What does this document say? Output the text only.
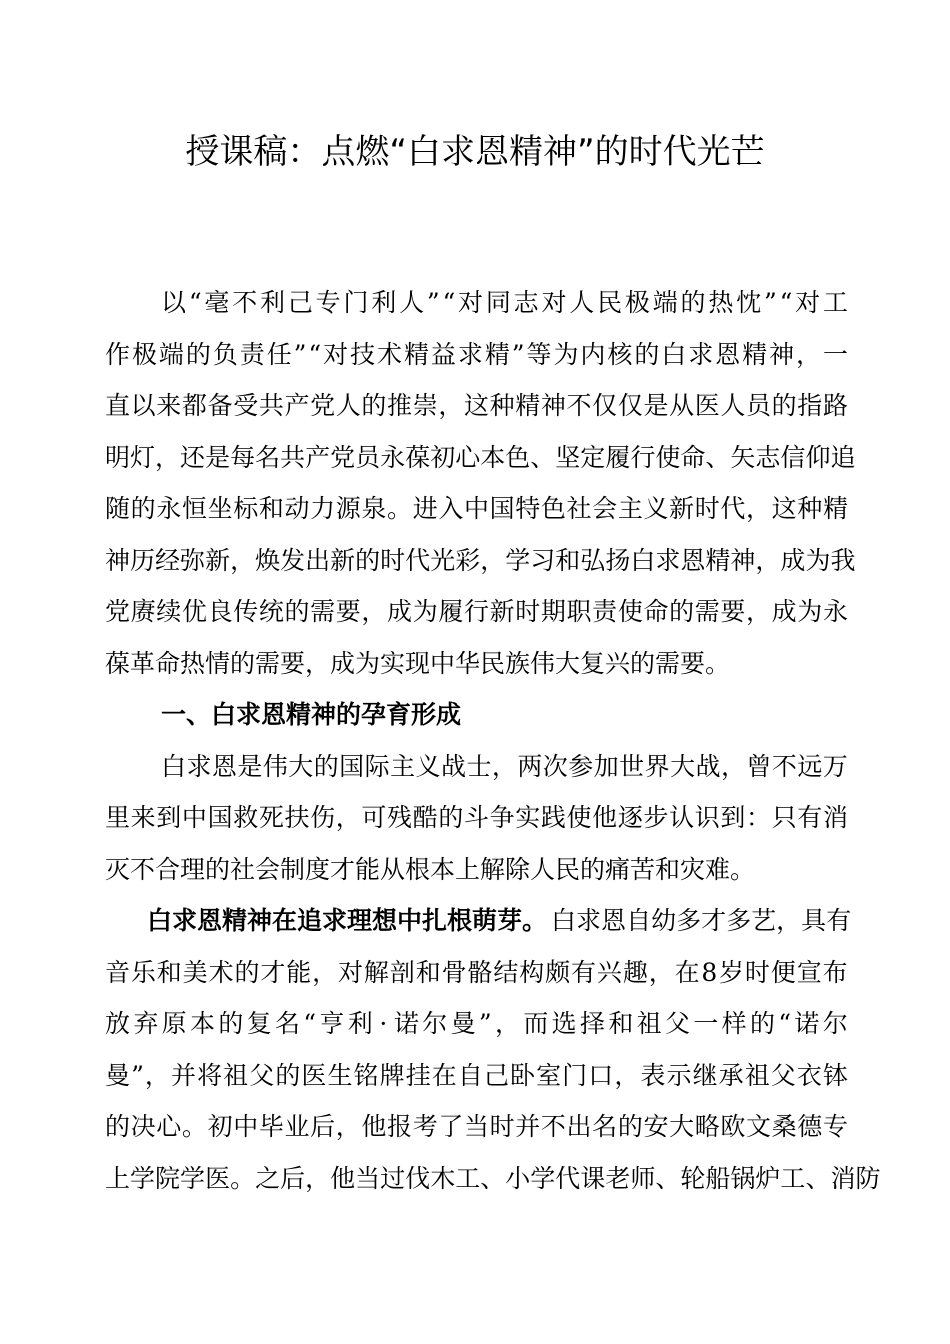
授课稿：点燃“白求恩精神”的时代光芒
以 “ 毫 不 利 己 专 门 利 人 ” “ 对 同 志 对 人 民 极 端 的 热 忱 ” “ 对 工
作 极 端 的 负 责 任 ” “ 对 技 术 精 益 求 精 ” 等 为 内 核 的 白 求 恩 精 神 ， 一
直 以 来 都 备 受 共 产 党 人 的 推 崇 ， 这 种 精 神 不 仅 仅 是 从 医 人 员 的 指 路
明 灯 ， 还 是 每 名 共 产 党 员 永 葆 初 心 本 色 、 坚 定 履 行 使 命 、 矢 志 信 仰 追
随 的 永 恒 坐 标 和 动 力 源 泉 。 进 入 中 国 特 色 社 会 主 义 新 时 代 ， 这 种 精
神 历 经 弥 新 ， 焕 发 出 新 的 时 代 光 彩 ， 学 习 和 弘 扬 白 求 恩 精 神 ， 成 为 我
党 赓 续 优 良 传 统 的 需 要 ， 成 为 履 行 新 时 期 职 责 使 命 的 需 要 ， 成 为 永
葆革命热情的需要，成为实现中华民族伟大复兴的需要。
一、白求恩精神的孕育形成
白 求 恩 是 伟 大 的 国 际 主 义 战 士 ， 两 次 参 加 世 界 大 战 ， 曾 不 远 万
里 来 到 中 国 救 死 扶 伤 ， 可 残 酷 的 斗 争 实 践 使 他 逐 步 认 识 到 ： 只 有 消
灭不合理的社会制度才能从根本上解除人民的痛苦和灾难。
白求恩精神在追求理想中扎根萌芽。 白 求 恩 自 幼 多 才 多 艺 ， 具 有
音 乐 和 美 术 的 才 能 ， 对 解 剖 和 骨 骼 结 构 颇 有 兴 趣 ， 在 8 岁 时 便 宣 布
放 弃 原 本 的 复 名 “ 亨 利 · 诺 尔 曼 ” ， 而 选 择 和 祖 父 一 样 的 “ 诺 尔
曼 ” ， 并 将 祖 父 的 医 生 铭 牌 挂 在 自 己 卧 室 门 口 ， 表 示 继 承 祖 父 衣 钵
的 决 心 。 初 中 毕 业 后 ， 他 报 考 了 当 时 并 不 出 名 的 安 大 略 欧 文 桑 德 专
上 学 院 学 医 。 之 后 ， 他 当 过 伐 木 工 、 小 学 代 课 老 师 、 轮 船 锅 炉 工 、 消 防
